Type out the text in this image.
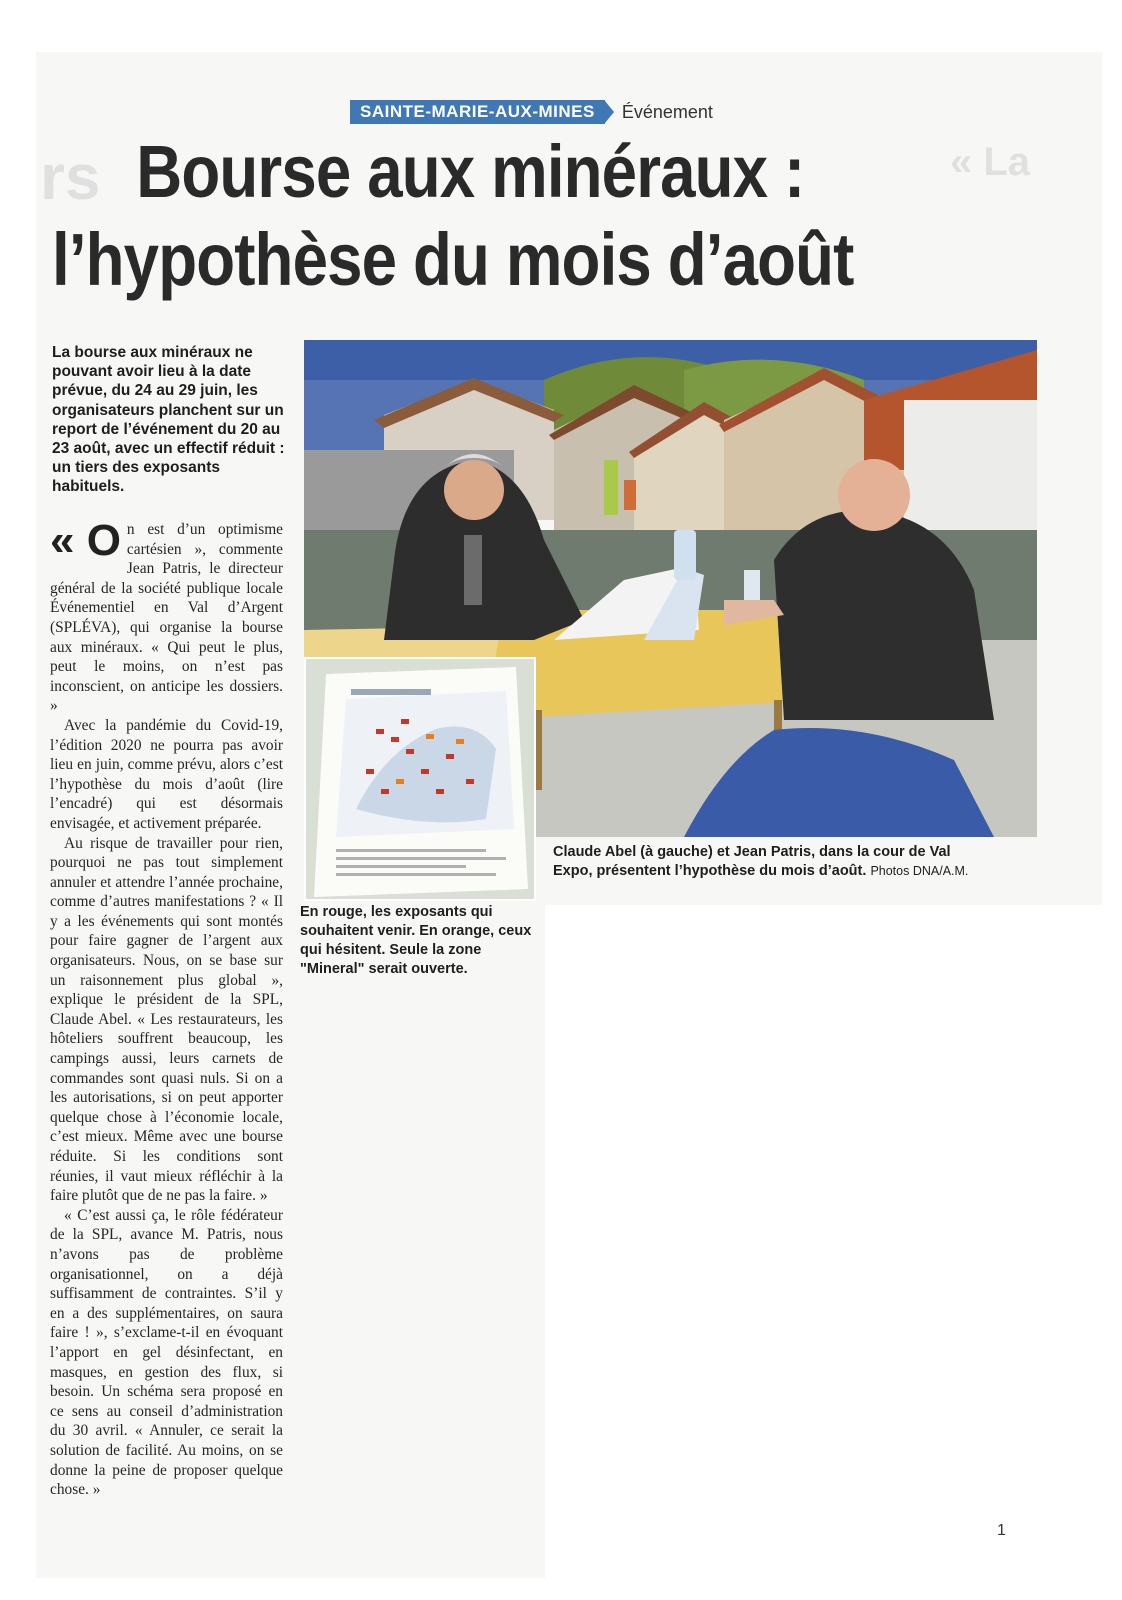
rs	« La
SAINTE-MARIE-AUX-MINES	Événement
Bourse aux minéraux :
l’hypothèse du mois d’août
La bourse aux minéraux ne pouvant avoir lieu à la date prévue, du 24 au 29 juin, les organisateurs planchent sur un report de l’événement du 20 au 23 août, avec un effectif réduit : un tiers des exposants habituels.

« O n est d’un optimisme cartésien », commente Jean Patris, le directeur général de la société publique locale Événementiel en Val d’Argent (SPLÉVA), qui organise la bourse aux minéraux. « Qui peut le plus, peut le moins, on n’est pas inconscient, on anticipe les dossiers. »

Avec la pandémie du Covid-19, l’édition 2020 ne pourra pas avoir lieu en juin, comme prévu, alors c’est l’hypothèse du mois d’août (lire l’encadré) qui est désormais envisagée, et activement préparée.

Au risque de travailler pour rien, pourquoi ne pas tout simplement annuler et attendre l’année prochaine, comme d’autres manifestations ? « Il y a les événements qui sont montés pour faire gagner de l’argent aux organisateurs. Nous, on se base sur un raisonnement plus global », explique le président de la SPL, Claude Abel. « Les restaurateurs, les hôteliers souffrent beaucoup, les campings aussi, leurs carnets de commandes sont quasi nuls. Si on a les autorisations, si on peut apporter quelque chose à l’économie locale, c’est mieux. Même avec une bourse réduite. Si les conditions sont réunies, il vaut mieux réfléchir à la faire plutôt que de ne pas la faire. »

« C’est aussi ça, le rôle fédérateur de la SPL, avance M. Patris, nous n’avons pas de problème organisationnel, on a déjà suffisamment de contraintes. S’il y en a des supplémentaires, on saura faire ! », s’exclame-t-il en évoquant l’apport en gel désinfectant, en masques, en gestion des flux, si besoin. Un schéma sera proposé en ce sens au conseil d’administration du 30 avril. « Annuler, ce serait la solution de facilité. Au moins, on se donne la peine de proposer quelque chose. »

Claude Abel (à gauche) et Jean Patris, dans la cour de Val Expo, présentent l’hypothèse du mois d’août. Photos DNA/A.M.
En rouge, les exposants qui souhaitent venir. En orange, ceux qui hésitent. Seule la zone "Mineral" serait ouverte.
1
